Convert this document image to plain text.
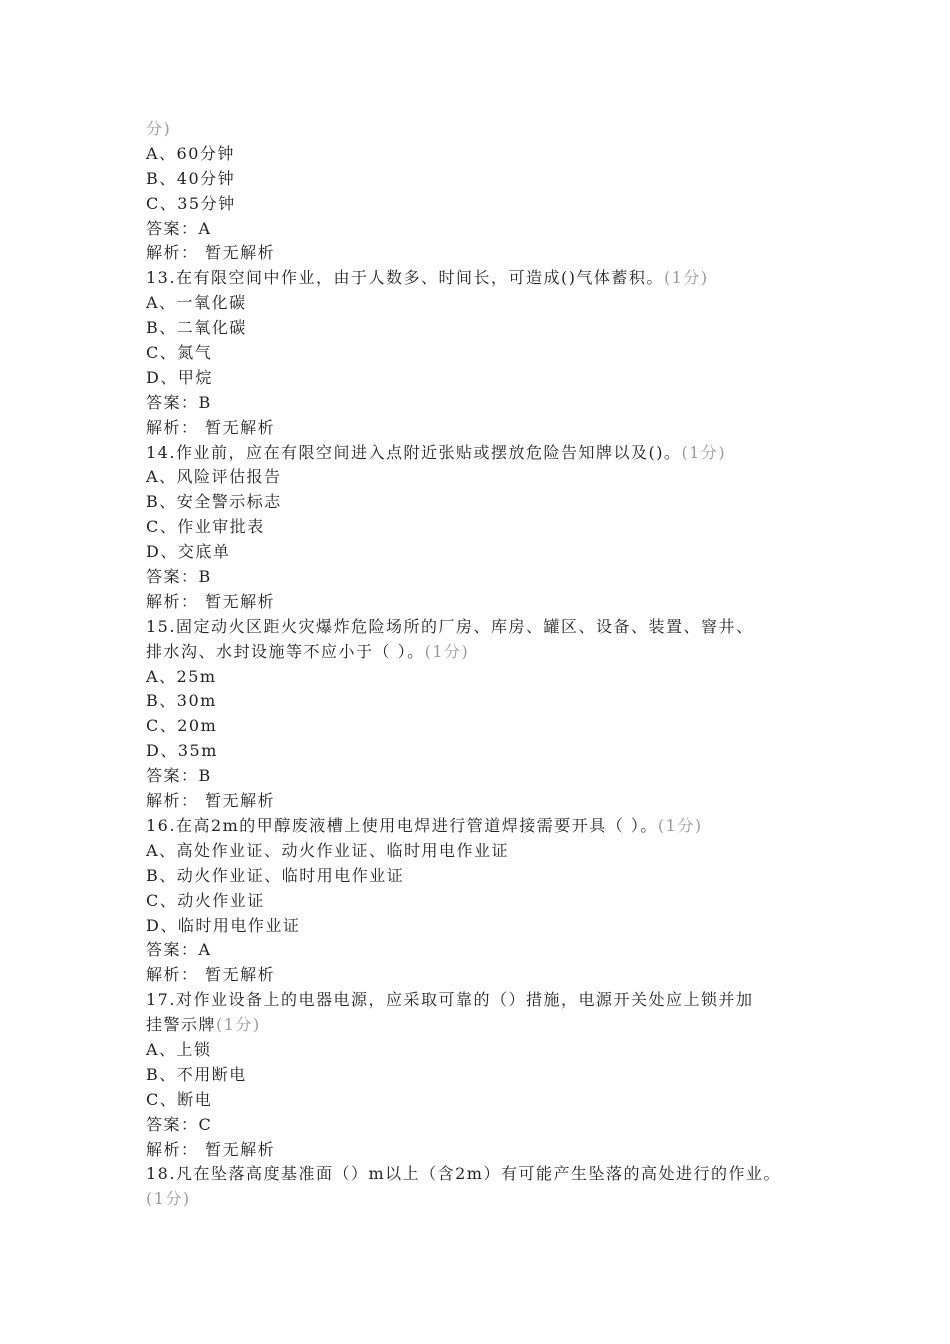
分)
A、60分钟
B、40分钟
C、35分钟
答案：A
解析： 暂无解析
13.在有限空间中作业，由于人数多、时间长，可造成()气体蓄积。(1分)
A、一氧化碳
B、二氧化碳
C、氮气
D、甲烷
答案：B
解析： 暂无解析
14.作业前，应在有限空间进入点附近张贴或摆放危险告知牌以及()。(1分)
A、风险评估报告
B、安全警示标志
C、作业审批表
D、交底单
答案：B
解析： 暂无解析
15.固定动火区距火灾爆炸危险场所的厂房、库房、罐区、设备、装置、窨井、
排水沟、水封设施等不应小于（ ）。(1分)
A、25m
B、30m
C、20m
D、35m
答案：B
解析： 暂无解析
16.在高2m的甲醇废液槽上使用电焊进行管道焊接需要开具（ ）。(1分)
A、高处作业证、动火作业证、临时用电作业证
B、动火作业证、临时用电作业证
C、动火作业证
D、临时用电作业证
答案：A
解析： 暂无解析
17.对作业设备上的电器电源，应采取可靠的（）措施，电源开关处应上锁并加
挂警示牌(1分)
A、上锁
B、不用断电
C、断电
答案：C
解析： 暂无解析
18.凡在坠落高度基准面（）m以上（含2m）有可能产生坠落的高处进行的作业。
(1分)
